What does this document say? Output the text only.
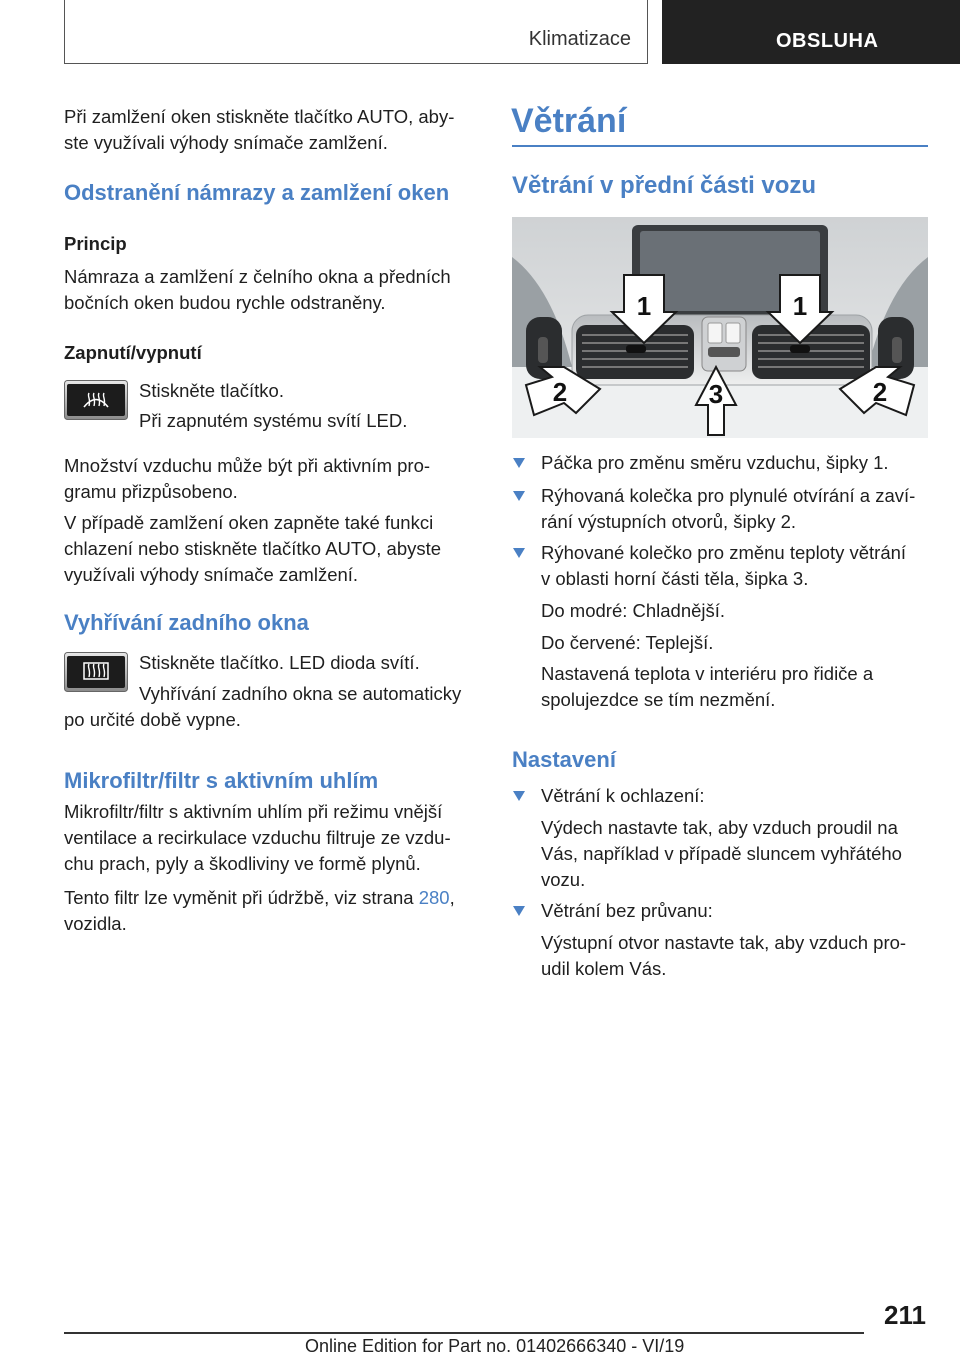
Klimatizace	OBSLUHA

Při zamlžení oken stiskněte tlačítko AUTO, aby‐

ste využívali výhody snímače zamlžení.

Odstranění námrazy a zamlžení oken
Princip

Námraza a zamlžení z čelního okna a předních

bočních oken budou rychle odstraněny.

Zapnutí/vypnutí

Stiskněte tlačítko.

Při zapnutém systému svítí LED.

Množství vzduchu může být při aktivním pro‐

gramu přizpůsobeno.

V případě zamlžení oken zapněte také funkci

chlazení nebo stiskněte tlačítko AUTO, abyste

využívali výhody snímače zamlžení.

Vyhřívání zadního okna

Stiskněte tlačítko. LED dioda svítí.

Vyhřívání zadního okna se automaticky

po určité době vypne.

Mikrofiltr/filtr s aktivním uhlím

Mikrofiltr/filtr s aktivním uhlím při režimu vnější

ventilace a recirkulace vzduchu filtruje ze vzdu‐

chu prach, pyly a škodliviny ve formě plynů.

Tento filtr lze vyměnit při údržbě, viz strana 280,

vozidla.

Větrání
Větrání v přední části vozu
1	1
2	3	2

Páčka pro změnu směru vzduchu, šipky 1.

Rýhovaná kolečka pro plynulé otvírání a zaví‐

rání výstupních otvorů, šipky 2.

Rýhované kolečko pro změnu teploty větrání

v oblasti horní části těla, šipka 3.

Do modré: Chladnější.

Do červené: Teplejší.

Nastavená teplota v interiéru pro řidiče a

spolujezdce se tím nezmění.

Nastavení

Větrání k ochlazení:

Výdech nastavte tak, aby vzduch proudil na

Vás, například v případě sluncem vyhřátého

vozu.

Větrání bez průvanu:

Výstupní otvor nastavte tak, aby vzduch pro‐

udil kolem Vás.

211
Online Edition for Part no. 01402666340 - VI/19
